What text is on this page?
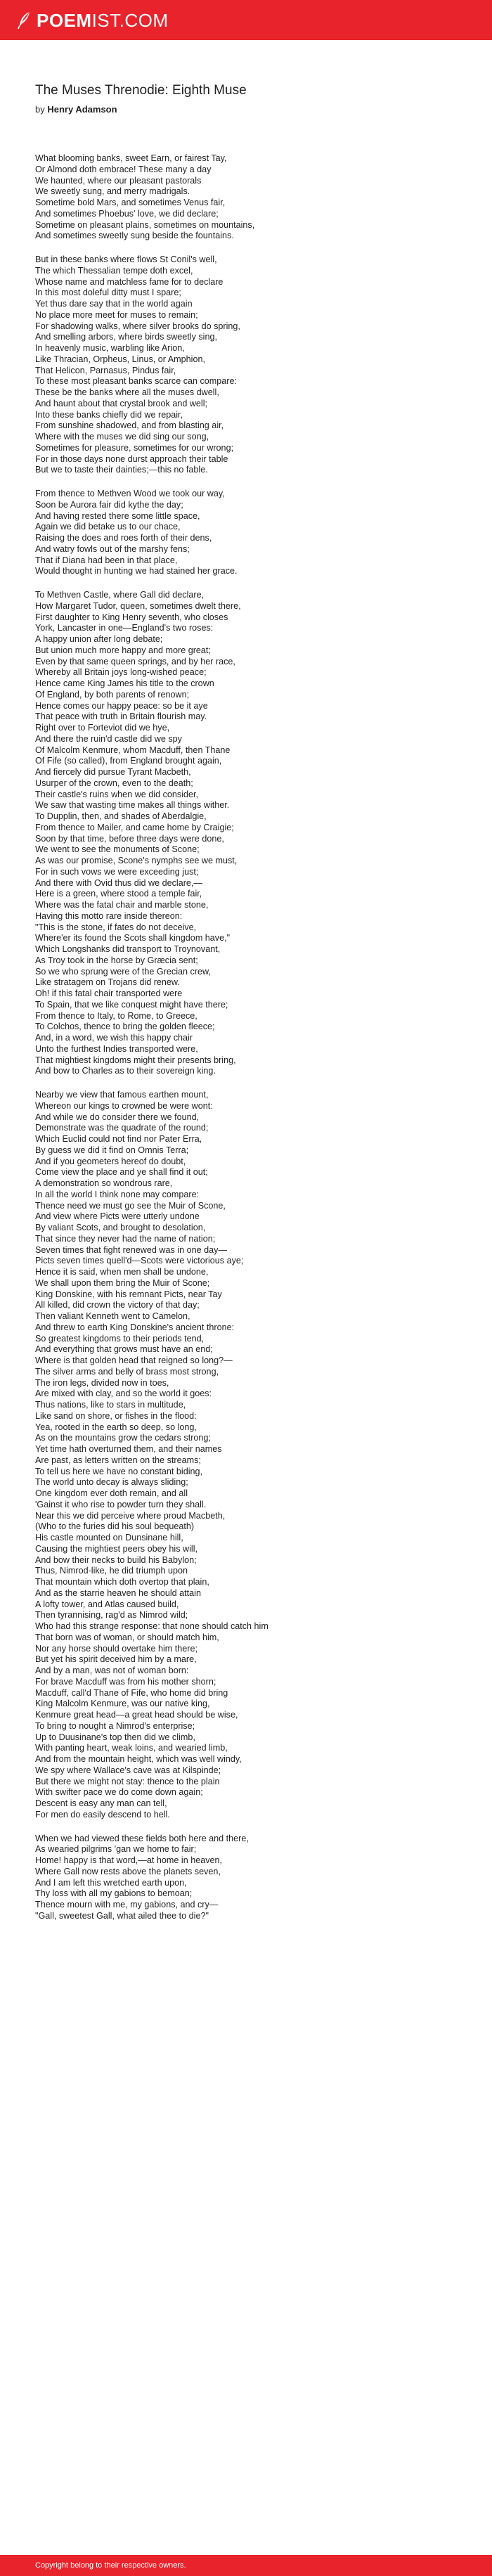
POEMIST.COM
The Muses Threnodie: Eighth Muse
by Henry Adamson
What blooming banks, sweet Earn, or fairest Tay,
Or Almond doth embrace! These many a day
We haunted, where our pleasant pastorals
We sweetly sung, and merry madrigals.
Sometime bold Mars, and sometimes Venus fair,
And sometimes Phoebus' love, we did declare;
Sometime on pleasant plains, sometimes on mountains,
And sometimes sweetly sung beside the fountains.
But in these banks where flows St Conil's well,
The which Thessalian tempe doth excel,
Whose name and matchless fame for to declare
In this most doleful ditty must I spare;
Yet thus dare say that in the world again
No place more meet for muses to remain;
For shadowing walks, where silver brooks do spring,
And smelling arbors, where birds sweetly sing,
In heavenly music, warbling like Arion,
Like Thracian, Orpheus, Linus, or Amphion,
That Helicon, Parnasus, Pindus fair,
To these most pleasant banks scarce can compare:
These be the banks where all the muses dwell,
And haunt about that crystal brook and well;
Into these banks chiefly did we repair,
From sunshine shadowed, and from blasting air,
Where with the muses we did sing our song,
Sometimes for pleasure, sometimes for our wrong;
For in those days none durst approach their table
But we to taste their dainties;—this no fable.
From thence to Methven Wood we took our way,
Soon be Aurora fair did kythe the day;
And having rested there some little space,
Again we did betake us to our chace,
Raising the does and roes forth of their dens,
And watry fowls out of the marshy fens;
That if Diana had been in that place,
Would thought in hunting we had stained her grace.
To Methven Castle, where Gall did declare,
How Margaret Tudor, queen, sometimes dwelt there,
First daughter to King Henry seventh, who closes
York, Lancaster in one—England's two roses:
A happy union after long debate;
But union much more happy and more great;
Even by that same queen springs, and by her race,
Whereby all Britain joys long-wished peace;
Hence came King James his title to the crown
Of England, by both parents of renown;
Hence comes our happy peace: so be it aye
That peace with truth in Britain flourish may.
Right over to Forteviot did we hye,
And there the ruin'd castle did we spy
Of Malcolm Kenmure, whom Macduff, then Thane
Of Fife (so called), from England brought again,
And fiercely did pursue Tyrant Macbeth,
Usurper of the crown, even to the death;
Their castle's ruins when we did consider,
We saw that wasting time makes all things wither.
To Dupplin, then, and shades of Aberdalgie,
From thence to Mailer, and came home by Craigie;
Soon by that time, before three days were done,
We went to see the monuments of Scone;
As was our promise, Scone's nymphs see we must,
For in such vows we were exceeding just;
And there with Ovid thus did we declare,—
Here is a green, where stood a temple fair,
Where was the fatal chair and marble stone,
Having this motto rare inside thereon:
"This is the stone, if fates do not deceive,
Where'er its found the Scots shall kingdom have,"
Which Longshanks did transport to Troynovant,
As Troy took in the horse by Græcia sent;
So we who sprung were of the Grecian crew,
Like stratagem on Trojans did renew.
Oh! if this fatal chair transported were
To Spain, that we like conquest might have there;
From thence to Italy, to Rome, to Greece,
To Colchos, thence to bring the golden fleece;
And, in a word, we wish this happy chair
Unto the furthest Indies transported were,
That mightiest kingdoms might their presents bring,
And bow to Charles as to their sovereign king.
Nearby we view that famous earthen mount,
Whereon our kings to crowned be were wont:
And while we do consider there we found,
Demonstrate was the quadrate of the round;
Which Euclid could not find nor Pater Erra,
By guess we did it find on Omnis Terra;
And if you geometers hereof do doubt,
Come view the place and ye shall find it out;
A demonstration so wondrous rare,
In all the world I think none may compare:
Thence need we must go see the Muir of Scone,
And view where Picts were utterly undone
By valiant Scots, and brought to desolation,
That since they never had the name of nation;
Seven times that fight renewed was in one day—
Picts seven times quell'd—Scots were victorious aye;
Hence it is said, when men shall be undone,
We shall upon them bring the Muir of Scone;
King Donskine, with his remnant Picts, near Tay
All killed, did crown the victory of that day;
Then valiant Kenneth went to Camelon,
And threw to earth King Donskine's ancient throne:
So greatest kingdoms to their periods tend,
And everything that grows must have an end;
Where is that golden head that reigned so long?—
The silver arms and belly of brass most strong,
The iron legs, divided now in toes,
Are mixed with clay, and so the world it goes:
Thus nations, like to stars in multitude,
Like sand on shore, or fishes in the flood:
Yea, rooted in the earth so deep, so long,
As on the mountains grow the cedars strong;
Yet time hath overturned them, and their names
Are past, as letters written on the streams;
To tell us here we have no constant biding,
The world unto decay is always sliding;
One kingdom ever doth remain, and all
'Gainst it who rise to powder turn they shall.
Near this we did perceive where proud Macbeth,
(Who to the furies did his soul bequeath)
His castle mounted on Dunsinane hill,
Causing the mightiest peers obey his will,
And bow their necks to build his Babylon;
Thus, Nimrod-like, he did triumph upon
That mountain which doth overtop that plain,
And as the starrie heaven he should attain
A lofty tower, and Atlas caused build,
Then tyrannising, rag'd as Nimrod wild;
Who had this strange response: that none should catch him
That born was of woman, or should match him,
Nor any horse should overtake him there;
But yet his spirit deceived him by a mare,
And by a man, was not of woman born:
For brave Macduff was from his mother shorn;
Macduff, call'd Thane of Fife, who home did bring
King Malcolm Kenmure, was our native king,
Kenmure great head—a great head should be wise,
To bring to nought a Nimrod's enterprise;
Up to Duusinane's top then did we climb,
With panting heart, weak loins, and wearied limb,
And from the mountain height, which was well windy,
We spy where Wallace's cave was at Kilspinde;
But there we might not stay: thence to the plain
With swifter pace we do come down again;
Descent is easy any man can tell,
For men do easily descend to hell.
When we had viewed these fields both here and there,
As wearied pilgrims 'gan we home to fair;
Home! happy is that word,—at home in heaven,
Where Gall now rests above the planets seven,
And I am left this wretched earth upon,
Thy loss with all my gabions to bemoan;
Thence mourn with me, my gabions, and cry—
"Gall, sweetest Gall, what ailed thee to die?"
Copyright belong to their respective owners.
